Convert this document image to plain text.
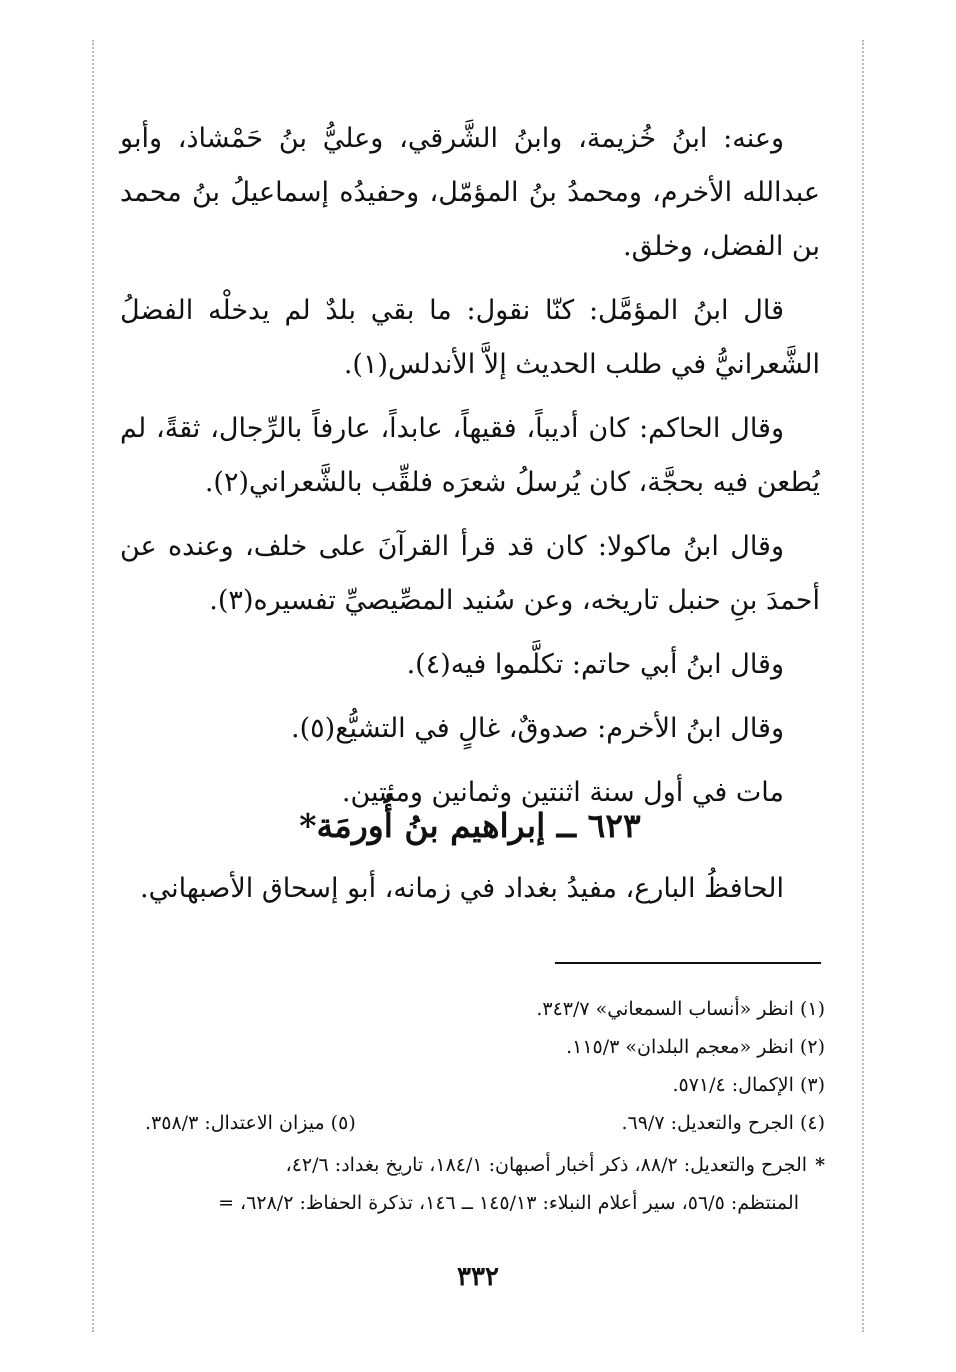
وعنه: ابنُ خُزيمة، وابنُ الشَّرقي، وعليُّ بنُ حَمْشاذ، وأبو عبدالله الأخرم، ومحمدُ بنُ المؤمّل، وحفيدُه إسماعيلُ بنُ محمد بن الفضل، وخلق.

قال ابنُ المؤمَّل: كنّا نقول: ما بقي بلدٌ لم يدخلْه الفضلُ الشَّعرانيُّ في طلب الحديث إلاَّ الأندلس(١).

وقال الحاكم: كان أديباً، فقيهاً، عابداً، عارفاً بالرِّجال، ثقةً، لم يُطعن فيه بحجَّة، كان يُرسلُ شعرَه فلقِّب بالشَّعراني(٢).

وقال ابنُ ماكولا: كان قد قرأ القرآنَ على خلف، وعنده عن أحمدَ بنِ حنبل تاريخه، وعن سُنيد المصِّيصيِّ تفسيره(٣).

وقال ابنُ أبي حاتم: تكلَّموا فيه(٤).

وقال ابنُ الأخرم: صدوقٌ، غالٍ في التشيُّع(٥).

مات في أول سنة اثنتين وثمانين ومئتين.

٦٢٣ ــ إبراهيم بنُ أُورمَة*
الحافظُ البارع، مفيدُ بغداد في زمانه، أبو إسحاق الأصبهاني.
(١) انظر «أنساب السمعاني» ٣٤٣/٧.
(٢) انظر «معجم البلدان» ١١٥/٣.
(٣) الإكمال: ٥٧١/٤.
(٤) الجرح والتعديل: ٦٩/٧.
(٥) ميزان الاعتدال: ٣٥٨/٣.
*الجرح والتعديل: ٨٨/٢، ذكر أخبار أصبهان: ١٨٤/١، تاريخ بغداد: ٤٢/٦،
المنتظم: ٥٦/٥، سير أعلام النبلاء: ١٤٥/١٣ ــ ١٤٦، تذكرة الحفاظ: ٦٢٨/٢، =
٣٣٢
